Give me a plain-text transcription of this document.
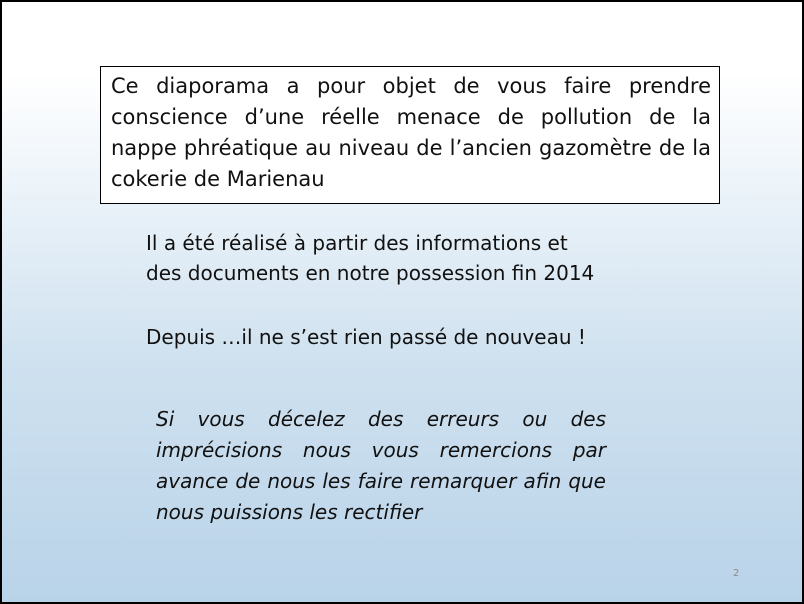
Ce diaporama a pour objet de vous faire prendre conscience d’une réelle menace de pollution de la nappe phréatique au niveau de l’ancien gazomètre de la cokerie de Marienau

Il a été réalisé à partir des informations et
des documents en notre possession fin 2014

Depuis …il ne s’est rien passé de nouveau !

Si vous décelez des erreurs ou des imprécisions nous vous remercions par avance de nous les faire remarquer afin que nous puissions les rectifier

2
